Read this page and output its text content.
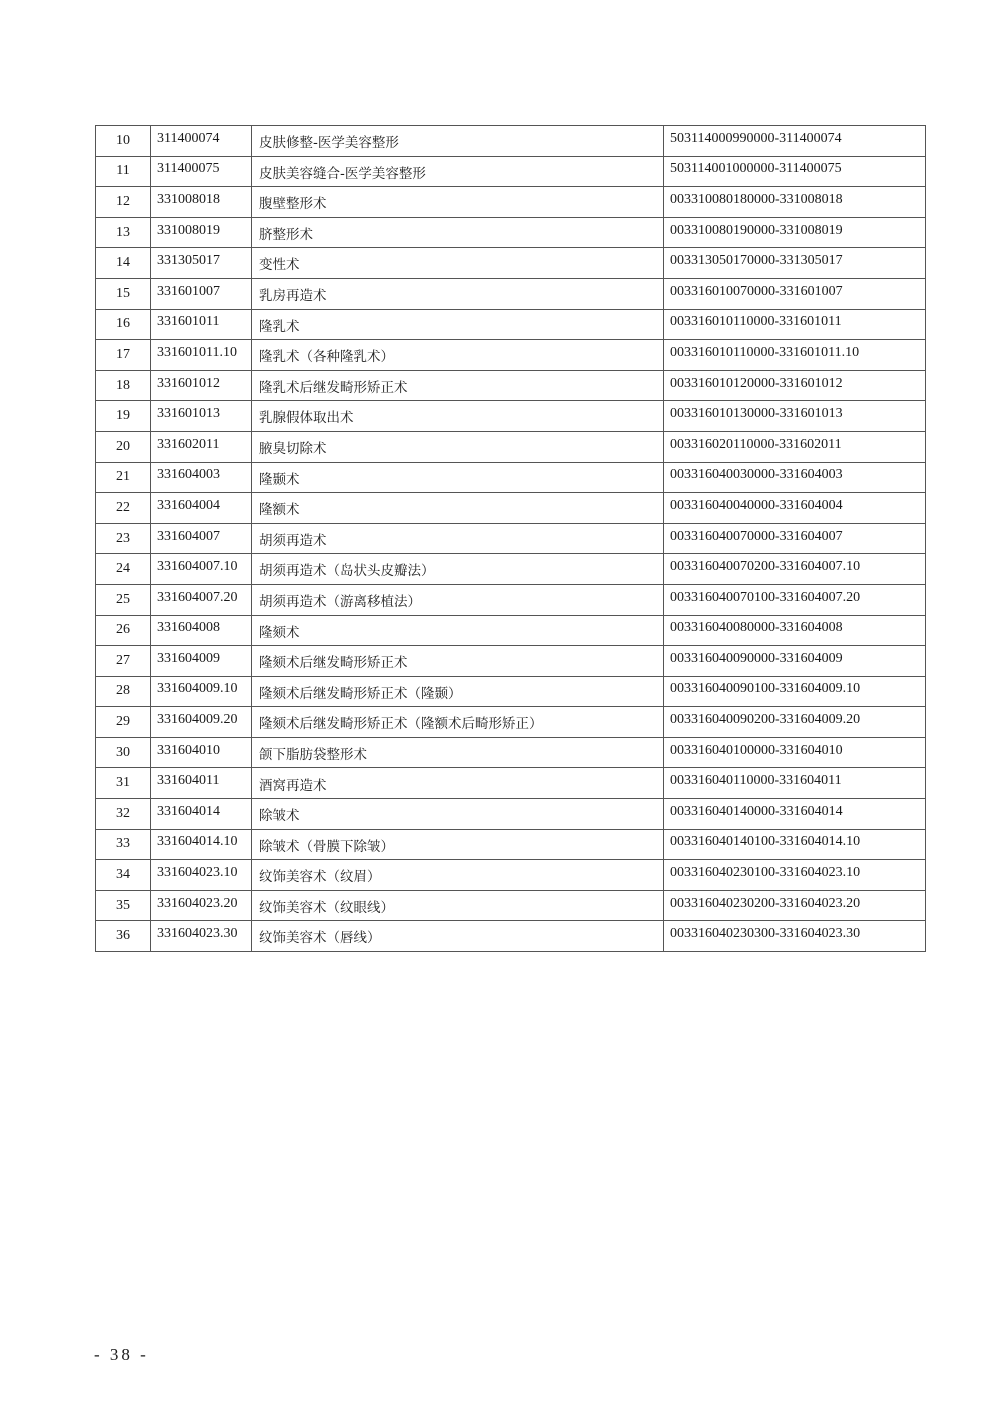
10	311400074	皮肤修整-医学美容整形	503114000990000-311400074
11	311400075	皮肤美容缝合-医学美容整形	503114001000000-311400075
12	331008018	腹壁整形术	003310080180000-331008018
13	331008019	脐整形术	003310080190000-331008019
14	331305017	变性术	003313050170000-331305017
15	331601007	乳房再造术	003316010070000-331601007
16	331601011	隆乳术	003316010110000-331601011
17	331601011.10	隆乳术（各种隆乳术）	003316010110000-331601011.10
18	331601012	隆乳术后继发畸形矫正术	003316010120000-331601012
19	331601013	乳腺假体取出术	003316010130000-331601013
20	331602011	腋臭切除术	003316020110000-331602011
21	331604003	隆颞术	003316040030000-331604003
22	331604004	隆额术	003316040040000-331604004
23	331604007	胡须再造术	003316040070000-331604007
24	331604007.10	胡须再造术（岛状头皮瓣法）	003316040070200-331604007.10
25	331604007.20	胡须再造术（游离移植法）	003316040070100-331604007.20
26	331604008	隆颏术	003316040080000-331604008
27	331604009	隆颏术后继发畸形矫正术	003316040090000-331604009
28	331604009.10	隆颏术后继发畸形矫正术（隆颞）	003316040090100-331604009.10
29	331604009.20	隆颏术后继发畸形矫正术（隆额术后畸形矫正）	003316040090200-331604009.20
30	331604010	颌下脂肪袋整形术	003316040100000-331604010
31	331604011	酒窝再造术	003316040110000-331604011
32	331604014	除皱术	003316040140000-331604014
33	331604014.10	除皱术（骨膜下除皱）	003316040140100-331604014.10
34	331604023.10	纹饰美容术（纹眉）	003316040230100-331604023.10
35	331604023.20	纹饰美容术（纹眼线）	003316040230200-331604023.20
36	331604023.30	纹饰美容术（唇线）	003316040230300-331604023.30
- 38 -
